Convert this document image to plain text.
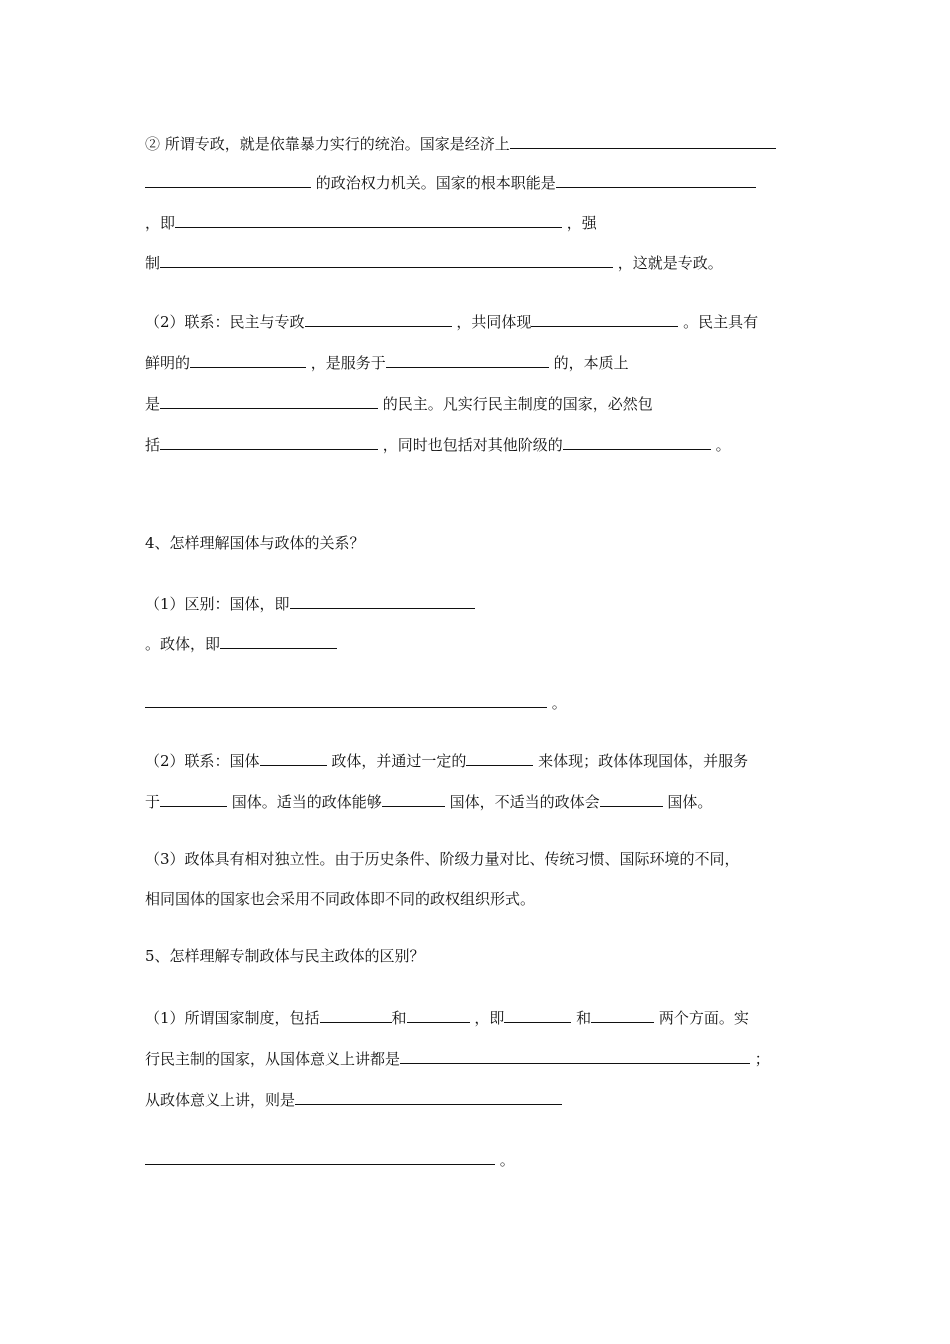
② 所谓专政，就是依靠暴力实行的统治。国家是经济上
的政治权力机关。国家的根本职能是
，即	，强
制	，这就是专政。
（2）联系：民主与专政	，共同体现	。民主具有
鲜明的	，是服务于	的，本质上
是	的民主。凡实行民主制度的国家，必然包
括	，同时也包括对其他阶级的	。
4、怎样理解国体与政体的关系？
（1）区别：国体，即
。政体，即
。
（2）联系：国体	政体，并通过一定的	来体现；政体体现国体，并服务
于	国体。适当的政体能够	国体，不适当的政体会	国体。
（3）政体具有相对独立性。由于历史条件、阶级力量对比、传统习惯、国际环境的不同，
相同国体的国家也会采用不同政体即不同的政权组织形式。
5、怎样理解专制政体与民主政体的区别？
（1）所谓国家制度，包括	和	，即	和	两个方面。实
行民主制的国家，从国体意义上讲都是	；
从政体意义上讲，则是
。
